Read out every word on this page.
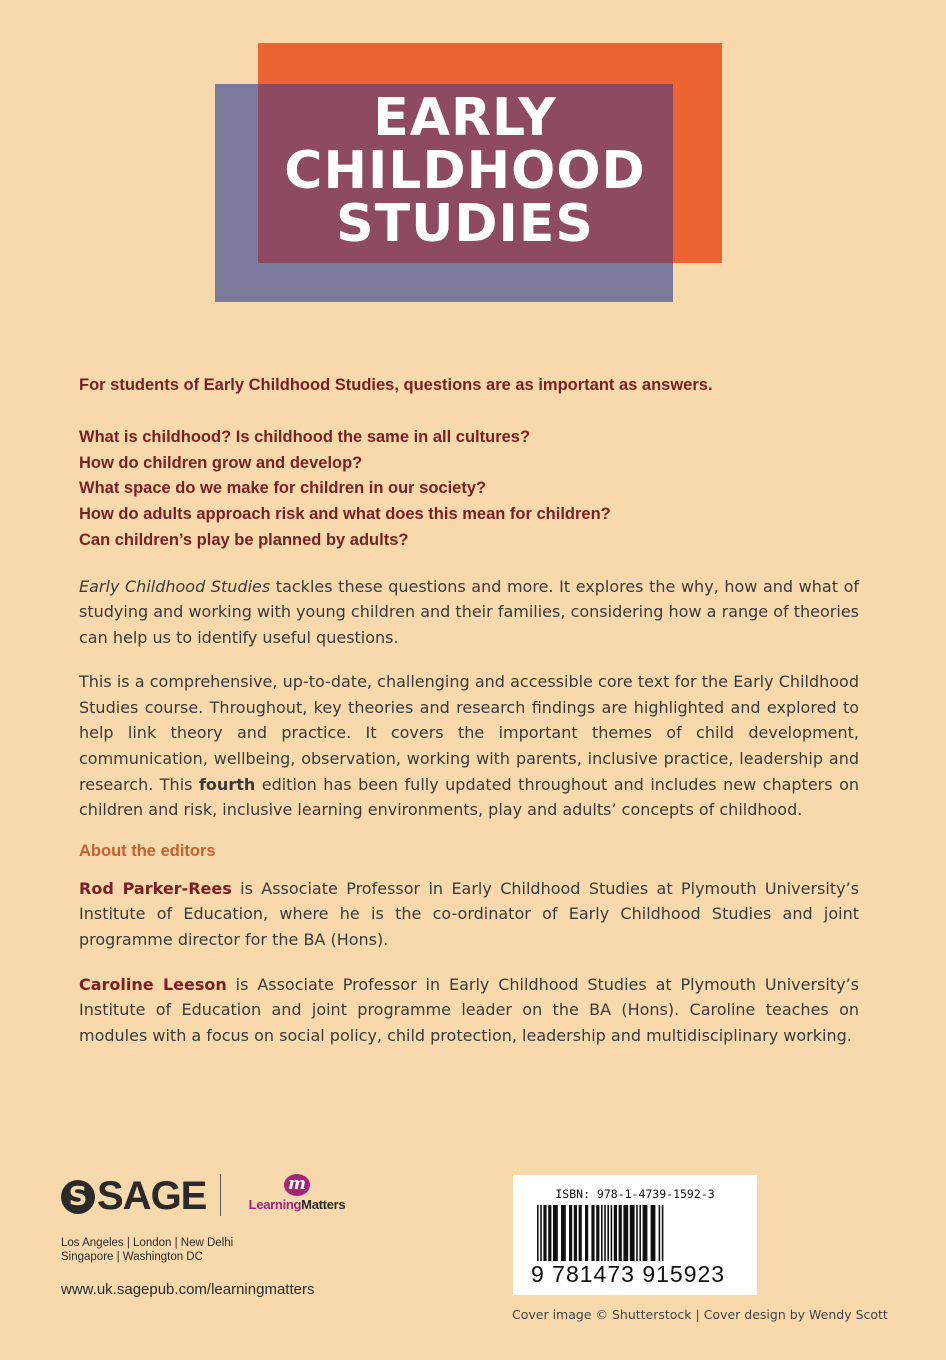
EARLY
CHILDHOOD
STUDIES

For students of Early Childhood Studies, questions are as important as answers.

What is childhood? Is childhood the same in all cultures?
How do children grow and develop?
What space do we make for children in our society?
How do adults approach risk and what does this mean for children?
Can children’s play be planned by adults?

Early Childhood Studies tackles these questions and more. It explores the why, how and what of studying and working with young children and their families, considering how a range of theories can help us to identify useful questions.

This is a comprehensive, up-to-date, challenging and accessible core text for the Early Childhood Studies course. Throughout, key theories and research findings are highlighted and explored to help link theory and practice. It covers the important themes of child development, communication, wellbeing, observation, working with parents, inclusive practice, leadership and research. This fourth edition has been fully updated throughout and includes new chapters on children and risk, inclusive learning environments, play and adults’ concepts of childhood.

About the editors

Rod Parker-Rees is Associate Professor in Early Childhood Studies at Plymouth University’s Institute of Education, where he is the co-ordinator of Early Childhood Studies and joint programme director for the BA (Hons).

Caroline Leeson is Associate Professor in Early Childhood Studies at Plymouth University’s Institute of Education and joint programme leader on the BA (Hons). Caroline teaches on modules with a focus on social policy, child protection, leadership and multidisciplinary working.

S SAGE	m
LearningMatters
Los Angeles | London | New Delhi
Singapore | Washington DC
www.uk.sagepub.com/learningmatters
ISBN: 978-1-4739-1592-3
9 781473 915923
Cover image © Shutterstock | Cover design by Wendy Scott
